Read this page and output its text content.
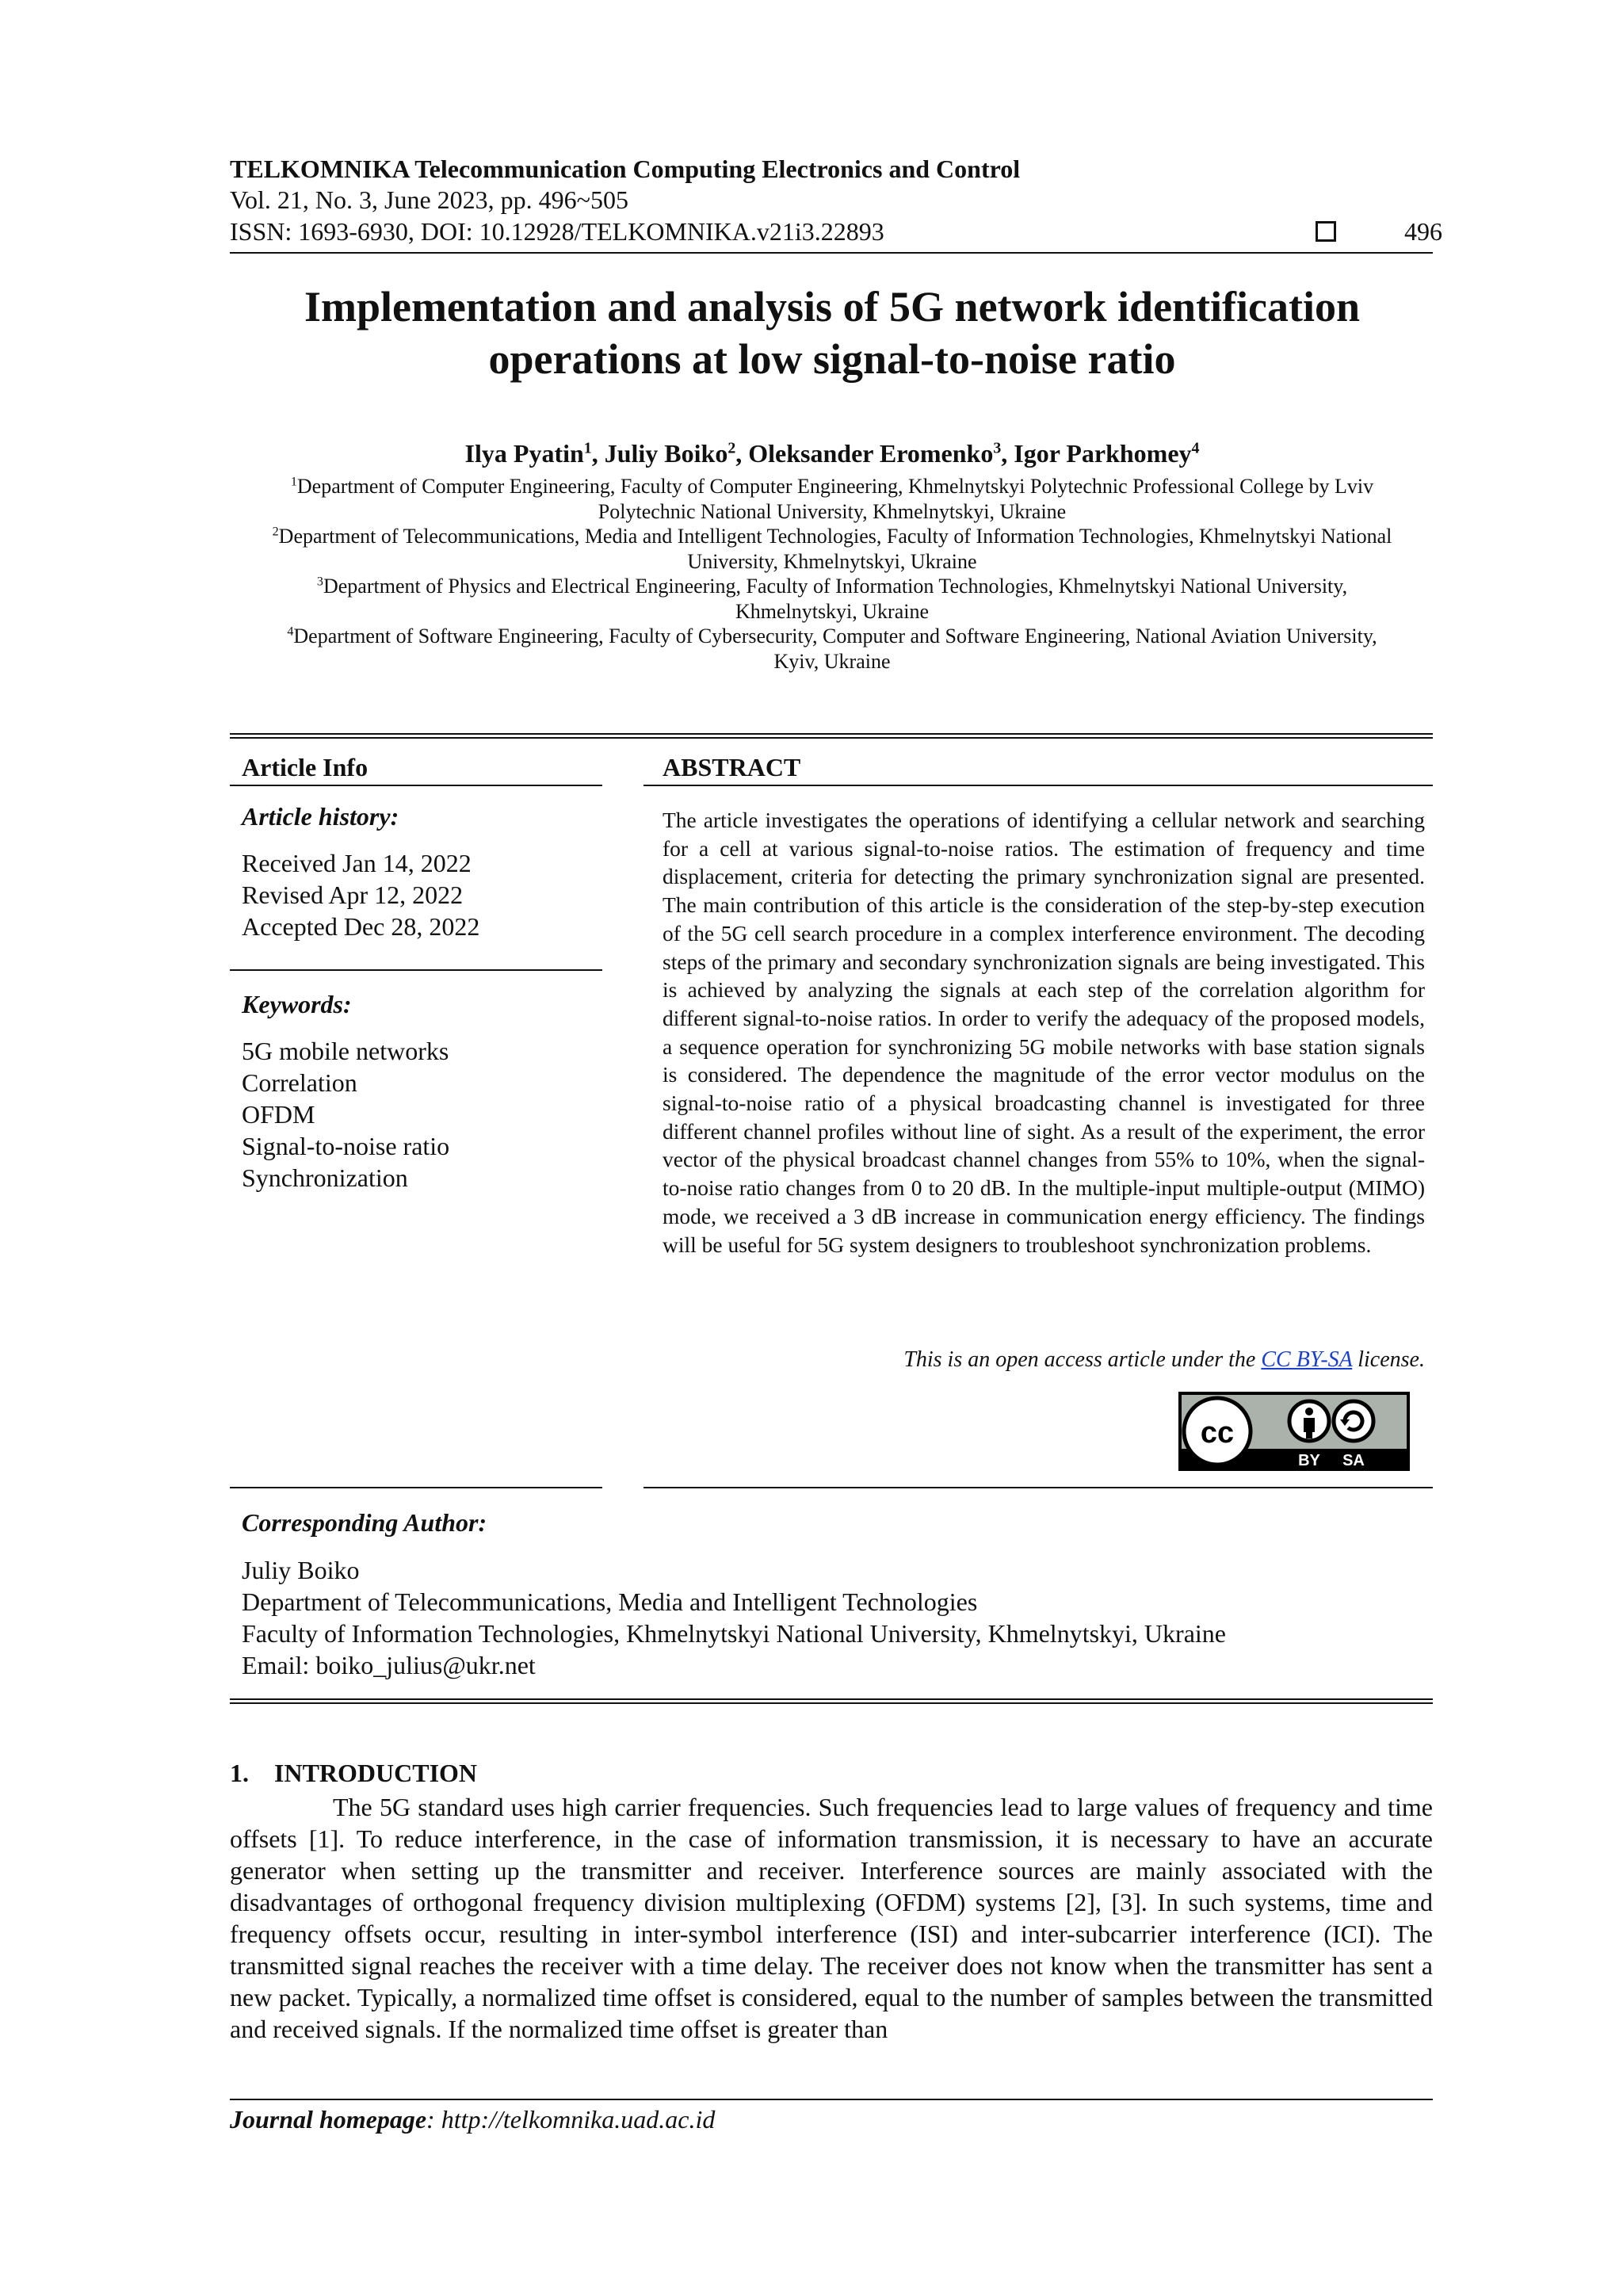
TELKOMNIKA Telecommunication Computing Electronics and Control
Vol. 21, No. 3, June 2023, pp. 496~505
ISSN: 1693-6930, DOI: 10.12928/TELKOMNIKA.v21i3.22893	496
Implementation and analysis of 5G network identification
operations at low signal-to-noise ratio
Ilya Pyatin$^1$, Juliy Boiko$^2$, Oleksander Eromenko$^3$, Igor Parkhomey$^4$
$^1$Department of Computer Engineering, Faculty of Computer Engineering, Khmelnytskyi Polytechnic Professional College by Lviv
Polytechnic National University, Khmelnytskyi, Ukraine
$^2$Department of Telecommunications, Media and Intelligent Technologies, Faculty of Information Technologies, Khmelnytskyi National
University, Khmelnytskyi, Ukraine
$^3$Department of Physics and Electrical Engineering, Faculty of Information Technologies, Khmelnytskyi National University,
Khmelnytskyi, Ukraine
$^4$Department of Software Engineering, Faculty of Cybersecurity, Computer and Software Engineering, National Aviation University,
Kyiv, Ukraine
Article Info
Article history:
Received Jan 14, 2022
Revised Apr 12, 2022
Accepted Dec 28, 2022
Keywords:
5G mobile networks
Correlation
OFDM
Signal-to-noise ratio
Synchronization
ABSTRACT
The article investigates the operations of identifying a cellular network and searching for a cell at various signal-to-noise ratios. The estimation of frequency and time displacement, criteria for detecting the primary synchronization signal are presented. The main contribution of this article is the consideration of the step-by-step execution of the 5G cell search procedure in a complex interference environment. The decoding steps of the primary and secondary synchronization signals are being investigated. This is achieved by analyzing the signals at each step of the correlation algorithm for different signal-to-noise ratios. In order to verify the adequacy of the proposed models, a sequence operation for synchronizing 5G mobile networks with base station signals is considered. The dependence the magnitude of the error vector modulus on the signal-to-noise ratio of a physical broadcasting channel is investigated for three different channel profiles without line of sight. As a result of the experiment, the error vector of the physical broadcast channel changes from 55% to 10%, when the signal-to-noise ratio changes from 0 to 20 dB. In the multiple-input multiple-output (MIMO) mode, we received a 3 dB increase in communication energy efficiency. The findings will be useful for 5G system designers to troubleshoot synchronization problems.
This is an open access article under the CC BY-SA license.
cc
BY SA
Corresponding Author:
Juliy Boiko
Department of Telecommunications, Media and Intelligent Technologies
Faculty of Information Technologies, Khmelnytskyi National University, Khmelnytskyi, Ukraine
Email: boiko_julius@ukr.net
1.    INTRODUCTION
The 5G standard uses high carrier frequencies. Such frequencies lead to large values of frequency and time offsets [1]. To reduce interference, in the case of information transmission, it is necessary to have an accurate generator when setting up the transmitter and receiver. Interference sources are mainly associated with the disadvantages of orthogonal frequency division multiplexing (OFDM) systems [2], [3]. In such systems, time and frequency offsets occur, resulting in inter-symbol interference (ISI) and inter-subcarrier interference (ICI). The transmitted signal reaches the receiver with a time delay. The receiver does not know when the transmitter has sent a new packet. Typically, a normalized time offset is considered, equal to the number of samples between the transmitted and received signals. If the normalized time offset is greater than
Journal homepage: http://telkomnika.uad.ac.id
